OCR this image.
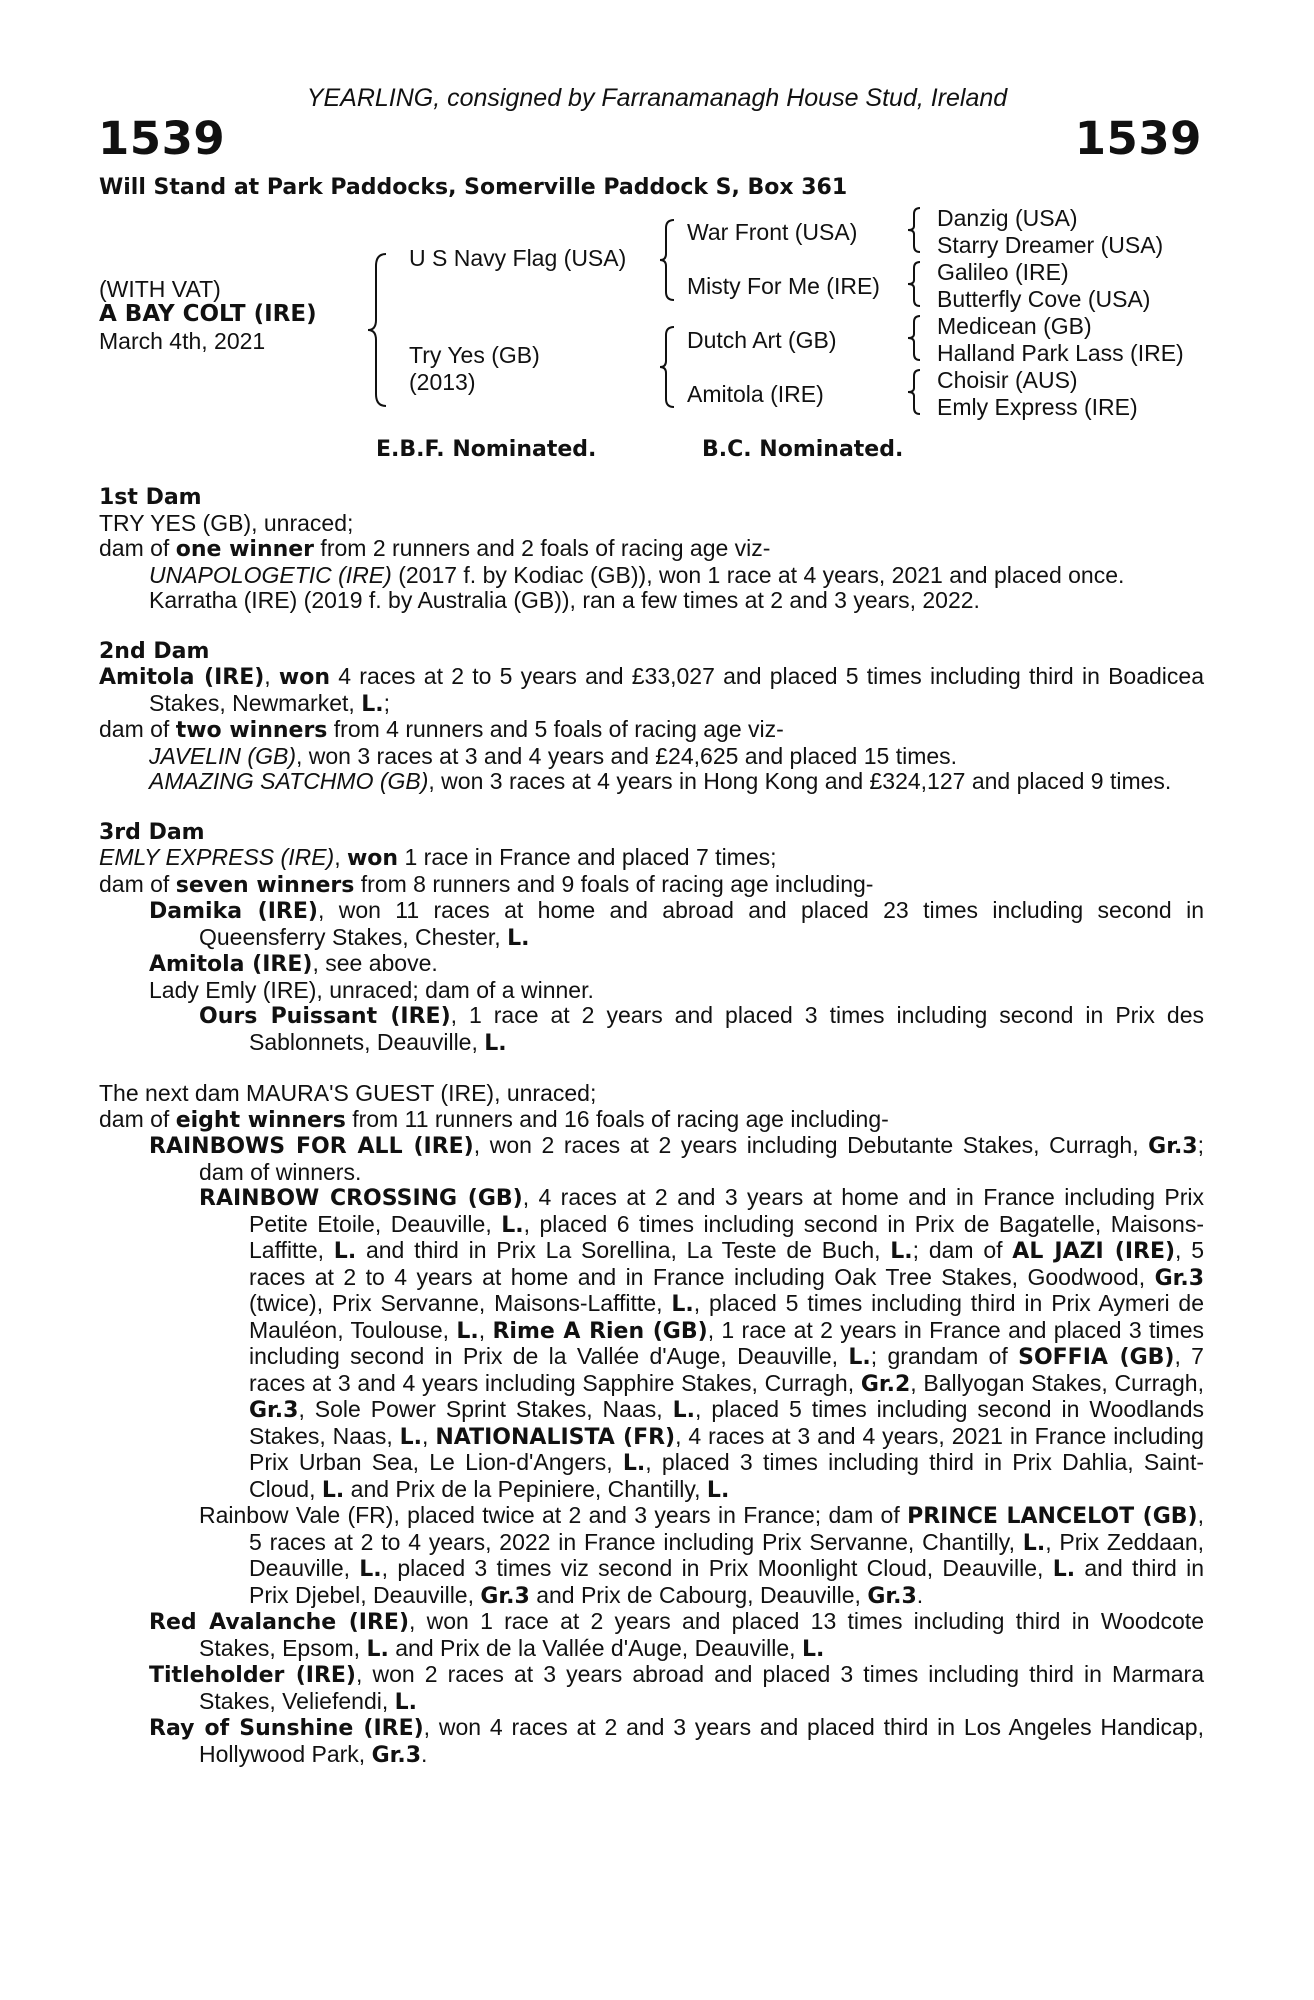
YEARLING, consigned by Farranamanagh House Stud, Ireland
1539	1539
Will Stand at Park Paddocks, Somerville Paddock S, Box 361
(WITH VAT)
A BAY COLT (IRE)
March 4th, 2021
U S Navy Flag (USA)
Try Yes (GB)
(2013)
War Front (USA)
Misty For Me (IRE)
Dutch Art (GB)
Amitola (IRE)
Danzig (USA)
Starry Dreamer (USA)
Galileo (IRE)
Butterfly Cove (USA)
Medicean (GB)
Halland Park Lass (IRE)
Choisir (AUS)
Emly Express (IRE)
E.B.F. Nominated.	B.C. Nominated.
1st Dam

TRY YES (GB), unraced;

dam of one winner from 2 runners and 2 foals of racing age viz-

UNAPOLOGETIC (IRE) (2017 f. by Kodiac (GB)), won 1 race at 4 years, 2021 and placed once.

Karratha (IRE) (2019 f. by Australia (GB)), ran a few times at 2 and 3 years, 2022.

2nd Dam

Amitola (IRE), won 4 races at 2 to 5 years and £33,027 and placed 5 times including third in Boadicea Stakes, Newmarket, L.;

dam of two winners from 4 runners and 5 foals of racing age viz-

JAVELIN (GB), won 3 races at 3 and 4 years and £24,625 and placed 15 times.

AMAZING SATCHMO (GB), won 3 races at 4 years in Hong Kong and £324,127 and placed 9 times.

3rd Dam

EMLY EXPRESS (IRE), won 1 race in France and placed 7 times;

dam of seven winners from 8 runners and 9 foals of racing age including-

Damika (IRE), won 11 races at home and abroad and placed 23 times including second in Queensferry Stakes, Chester, L.

Amitola (IRE), see above.

Lady Emly (IRE), unraced; dam of a winner.

Ours Puissant (IRE), 1 race at 2 years and placed 3 times including second in Prix des Sablonnets, Deauville, L.

The next dam MAURA'S GUEST (IRE), unraced;

dam of eight winners from 11 runners and 16 foals of racing age including-

RAINBOWS FOR ALL (IRE), won 2 races at 2 years including Debutante Stakes, Curragh, Gr.3; dam of winners.

RAINBOW CROSSING (GB), 4 races at 2 and 3 years at home and in France including Prix Petite Etoile, Deauville, L., placed 6 times including second in Prix de Bagatelle, Maisons-Laffitte, L. and third in Prix La Sorellina, La Teste de Buch, L.; dam of AL JAZI (IRE), 5 races at 2 to 4 years at home and in France including Oak Tree Stakes, Goodwood, Gr.3 (twice), Prix Servanne, Maisons-Laffitte, L., placed 5 times including third in Prix Aymeri de Mauléon, Toulouse, L., Rime A Rien (GB), 1 race at 2 years in France and placed 3 times including second in Prix de la Vallée d'Auge, Deauville, L.; grandam of SOFFIA (GB), 7 races at 3 and 4 years including Sapphire Stakes, Curragh, Gr.2, Ballyogan Stakes, Curragh, Gr.3, Sole Power Sprint Stakes, Naas, L., placed 5 times including second in Woodlands Stakes, Naas, L., NATIONALISTA (FR), 4 races at 3 and 4 years, 2021 in France including Prix Urban Sea, Le Lion-d'Angers, L., placed 3 times including third in Prix Dahlia, Saint-Cloud, L. and Prix de la Pepiniere, Chantilly, L.

Rainbow Vale (FR), placed twice at 2 and 3 years in France; dam of PRINCE LANCELOT (GB), 5 races at 2 to 4 years, 2022 in France including Prix Servanne, Chantilly, L., Prix Zeddaan, Deauville, L., placed 3 times viz second in Prix Moonlight Cloud, Deauville, L. and third in Prix Djebel, Deauville, Gr.3 and Prix de Cabourg, Deauville, Gr.3.

Red Avalanche (IRE), won 1 race at 2 years and placed 13 times including third in Woodcote Stakes, Epsom, L. and Prix de la Vallée d'Auge, Deauville, L.

Titleholder (IRE), won 2 races at 3 years abroad and placed 3 times including third in Marmara Stakes, Veliefendi, L.

Ray of Sunshine (IRE), won 4 races at 2 and 3 years and placed third in Los Angeles Handicap, Hollywood Park, Gr.3.
